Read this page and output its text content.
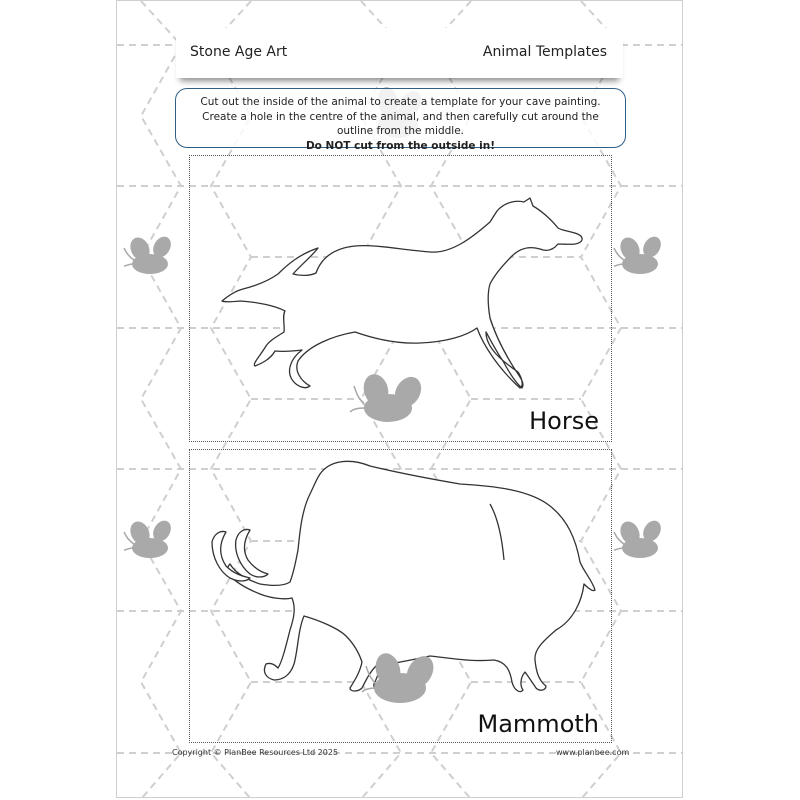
Stone Age Art	Animal Templates
Cut out the inside of the animal to create a template for your cave painting. Create a hole in the centre of the animal, and then carefully cut around the outline from the middle.
Do NOT cut from the outside in!
Horse
Mammoth
Copyright © PlanBee Resources Ltd 2025	www.planbee.com
